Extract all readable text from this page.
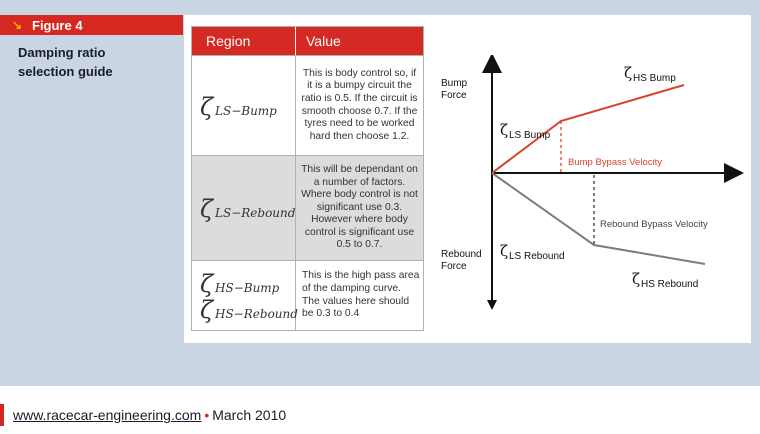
↘ Figure 4
Damping ratio
selection guide
Region	Value
ζ LS−Bump
This is body control so, if it is a bumpy circuit the ratio is 0.5. If the circuit is smooth choose 0.7. If the tyres need to be worked hard then choose 1.2.
ζ LS−Rebound
This will be dependant on a number of factors. Where body control is not significant use 0.3. However where body control is significant use 0.5 to 0.7.
ζ HS−Bump
ζ HS−Rebound
This is the high pass area of the damping curve. The values here should be 0.3 to 0.4
Bump
Force
Rebound
Force
ζ HS Bump
ζ LS Bump
Bump Bypass Velocity
Rebound Bypass Velocity
ζ LS Rebound
ζ HS Rebound
www.racecar-engineering.com • March 2010
